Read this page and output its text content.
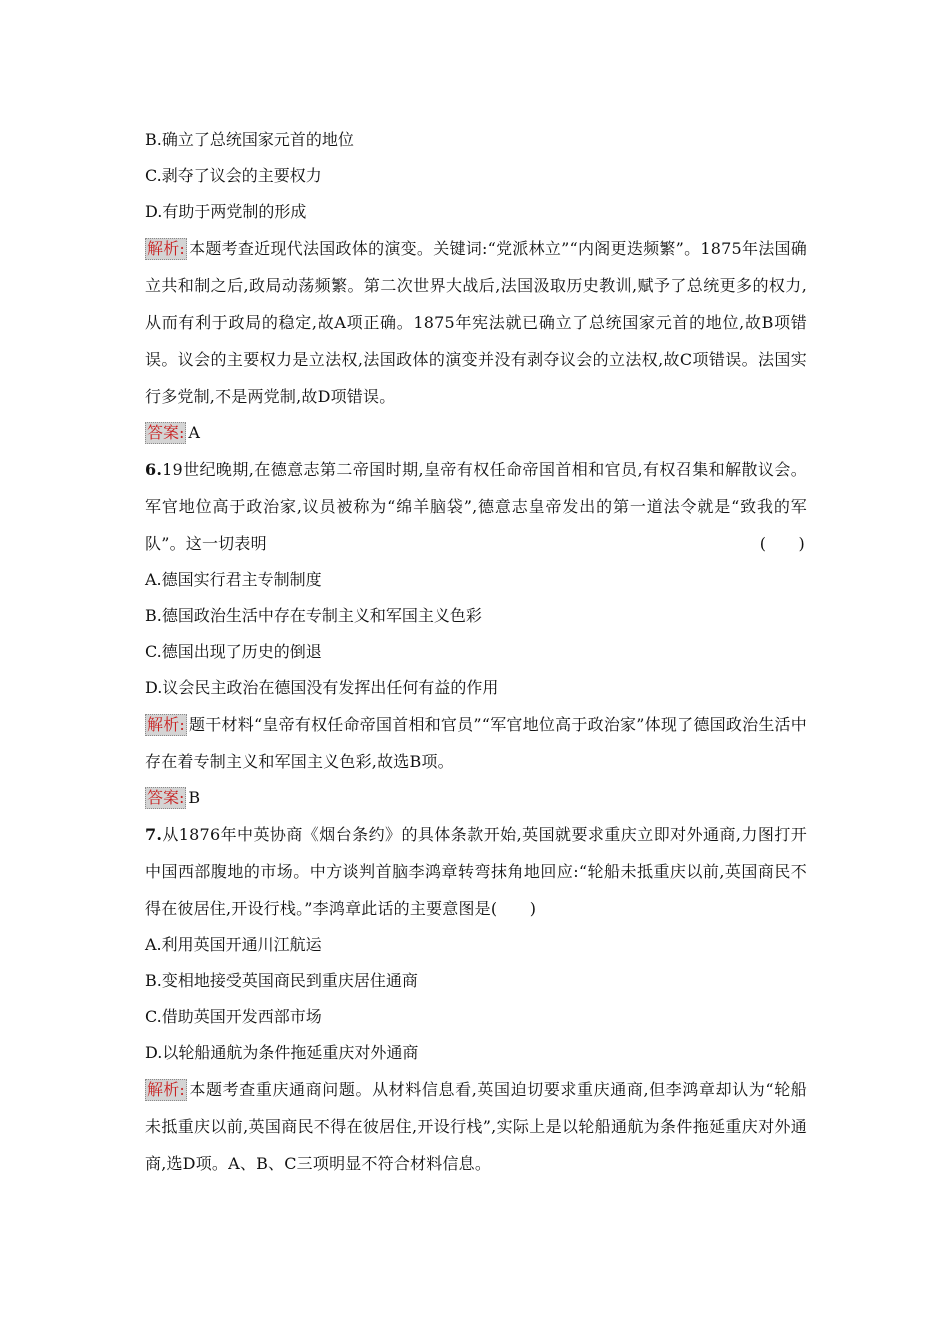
B.确立了总统国家元首的地位
C.剥夺了议会的主要权力
D.有助于两党制的形成
解析: 本题考查近现代法国政体的演变。关键词:“党派林立”“内阁更迭频繁”。1875年法国确立共和制之后,政局动荡频繁。第二次世界大战后,法国汲取历史教训,赋予了总统更多的权力,从而有利于政局的稳定,故A项正确。1875年宪法就已确立了总统国家元首的地位,故B项错误。议会的主要权力是立法权,法国政体的演变并没有剥夺议会的立法权,故C项错误。法国实行多党制,不是两党制,故D项错误。
答案: A
6.19世纪晚期,在德意志第二帝国时期,皇帝有权任命帝国首相和官员,有权召集和解散议会。军官地位高于政治家,议员被称为“绵羊脑袋”,德意志皇帝发出的第一道法令就是“致我的军队”。这一切表明	(　　)
A.德国实行君主专制制度
B.德国政治生活中存在专制主义和军国主义色彩
C.德国出现了历史的倒退
D.议会民主政治在德国没有发挥出任何有益的作用
解析: 题干材料“皇帝有权任命帝国首相和官员”“军官地位高于政治家”体现了德国政治生活中存在着专制主义和军国主义色彩,故选B项。
答案: B
7.从1876年中英协商《烟台条约》的具体条款开始,英国就要求重庆立即对外通商,力图打开中国西部腹地的市场。中方谈判首脑李鸿章转弯抹角地回应:“轮船未抵重庆以前,英国商民不得在彼居住,开设行栈。”李鸿章此话的主要意图是(　　)
A.利用英国开通川江航运
B.变相地接受英国商民到重庆居住通商
C.借助英国开发西部市场
D.以轮船通航为条件拖延重庆对外通商
解析: 本题考查重庆通商问题。从材料信息看,英国迫切要求重庆通商,但李鸿章却认为“轮船未抵重庆以前,英国商民不得在彼居住,开设行栈”,实际上是以轮船通航为条件拖延重庆对外通商,选D项。A、B、C三项明显不符合材料信息。
